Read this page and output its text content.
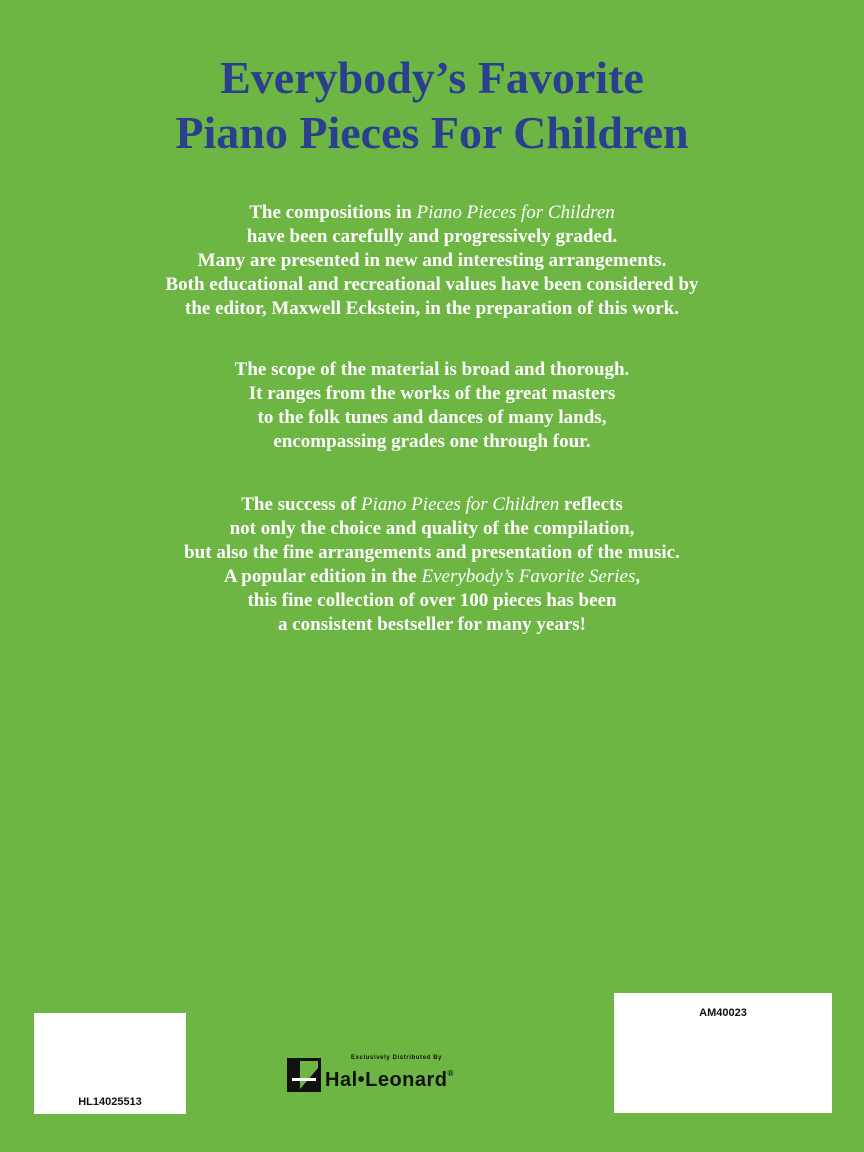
Everybody’s Favorite
Piano Pieces For Children
The compositions in Piano Pieces for Children
have been carefully and progressively graded.
Many are presented in new and interesting arrangements.
Both educational and recreational values have been considered by
the editor, Maxwell Eckstein, in the preparation of this work.
The scope of the material is broad and thorough.
It ranges from the works of the great masters
to the folk tunes and dances of many lands,
encompassing grades one through four.
The success of Piano Pieces for Children reflects
not only the choice and quality of the compilation,
but also the fine arrangements and presentation of the music.
A popular edition in the Everybody’s Favorite Series,
this fine collection of over 100 pieces has been
a consistent bestseller for many years!
HL14025513
AM40023
Exclusively Distributed By
Hal•Leonard®
